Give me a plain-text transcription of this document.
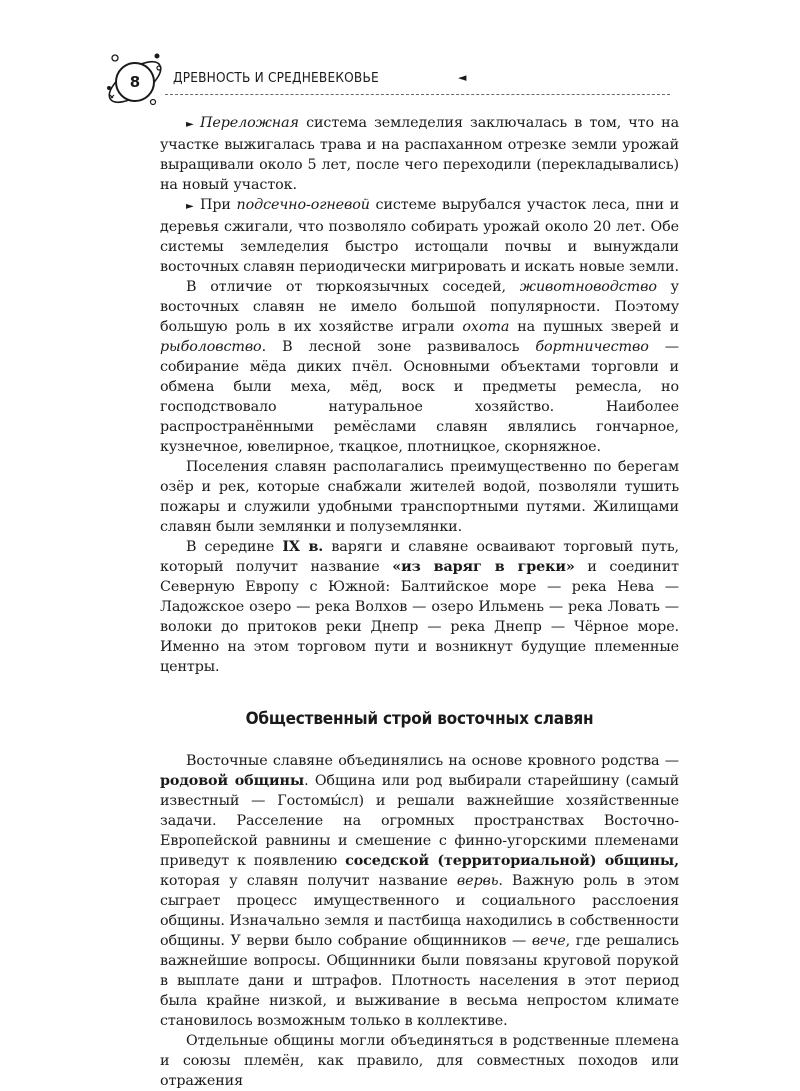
8	ДРЕВНОСТЬ И СРЕДНЕВЕКОВЬЕ	◄

► Переложная система земледелия заключалась в том, что на участке выжигалась трава и на распаханном отрезке земли урожай выращивали около 5 лет, после чего переходили (перекладывались) на новый участок.

► При подсечно-огневой системе вырубался участок леса, пни и деревья сжигали, что позволяло собирать урожай около 20 лет. Обе системы земледелия быстро истощали почвы и вынуждали восточных славян периодически мигрировать и искать новые земли.

В отличие от тюркоязычных соседей, животноводство у восточных славян не имело большой популярности. Поэтому большую роль в их хозяйстве играли охота на пушных зверей и рыболовство. В лесной зоне развивалось бортничество — собирание мёда диких пчёл. Основными объектами торговли и обмена были меха, мёд, воск и предметы ремесла, но господствовало натуральное хозяйство. Наиболее распространёнными ремёслами славян являлись гончарное, кузнечное, ювелирное, ткацкое, плотницкое, скорняжное.

Поселения славян располагались преимущественно по берегам озёр и рек, которые снабжали жителей водой, позволяли тушить пожары и служили удобными транспортными путями. Жилищами славян были землянки и полуземлянки.

В середине IX в. варяги и славяне осваивают торговый путь, который получит название «из варяг в греки» и соединит Северную Европу с Южной: Балтийское море — река Нева — Ладожское озеро — река Волхов — озеро Ильмень — река Ловать — волоки до притоков реки Днепр — река Днепр — Чёрное море. Именно на этом торговом пути и возникнут будущие племенные центры.

Общественный строй восточных славян

Восточные славяне объединялись на основе кровного родства — родовой общины. Община или род выбирали старейшину (самый известный — Гостомы́сл) и решали важнейшие хозяйственные задачи. Расселение на огромных пространствах Восточно-Европейской равнины и смешение с финно-угорскими племенами приведут к появлению соседской (территориальной) общины, которая у славян получит название вервь. Важную роль в этом сыграет процесс имущественного и социального расслоения общины. Изначально земля и пастбища находились в собственности общины. У верви было собрание общинников — вече, где решались важнейшие вопросы. Общинники были повязаны круговой порукой в выплате дани и штрафов. Плотность населения в этот период была крайне низкой, и выживание в весьма непростом климате становилось возможным только в коллективе.

Отдельные общины могли объединяться в родственные племена и союзы племён, как правило, для совместных походов или отражения
